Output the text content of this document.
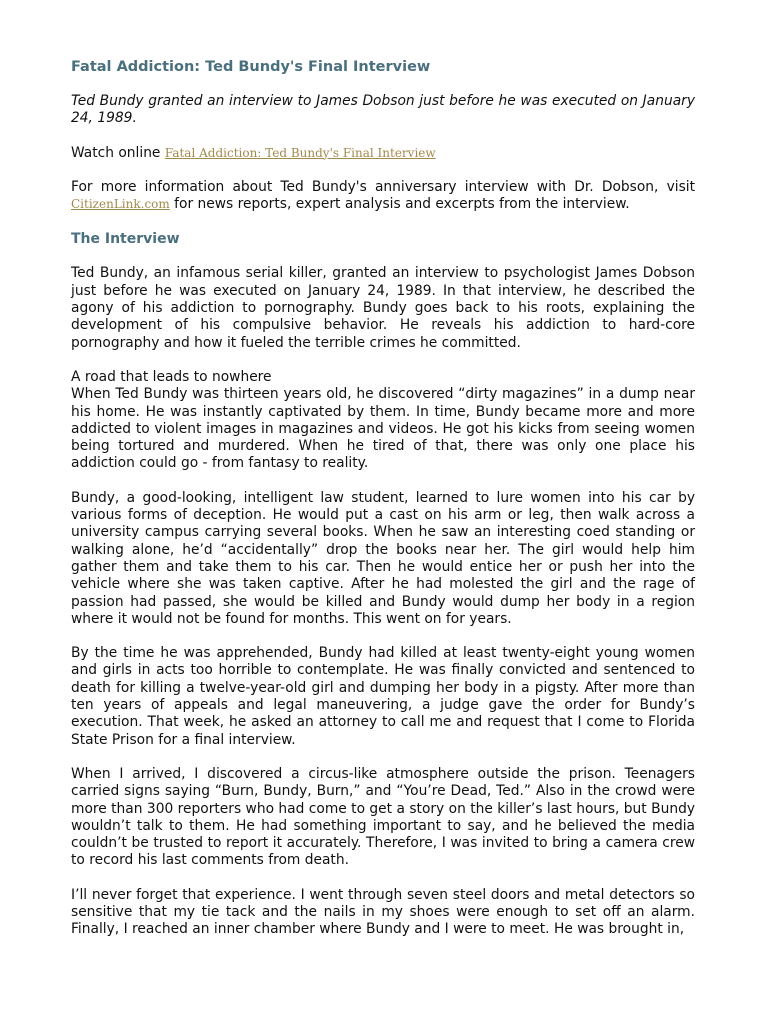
Fatal Addiction: Ted Bundy's Final Interview

Ted Bundy granted an interview to James Dobson just before he was executed on January 24, 1989.

Watch online Fatal Addiction: Ted Bundy's Final Interview

For more information about Ted Bundy's anniversary interview with Dr. Dobson, visit CitizenLink.com for news reports, expert analysis and excerpts from the interview.

The Interview

Ted Bundy, an infamous serial killer, granted an interview to psychologist James Dobson just before he was executed on January 24, 1989. In that interview, he described the agony of his addiction to pornography. Bundy goes back to his roots, explaining the development of his compulsive behavior. He reveals his addiction to hard-core pornography and how it fueled the terrible crimes he committed.

A road that leads to nowhere
When Ted Bundy was thirteen years old, he discovered “dirty magazines” in a dump near his home. He was instantly captivated by them. In time, Bundy became more and more addicted to violent images in magazines and videos. He got his kicks from seeing women being tortured and murdered. When he tired of that, there was only one place his addiction could go - from fantasy to reality.

Bundy, a good-looking, intelligent law student, learned to lure women into his car by various forms of deception. He would put a cast on his arm or leg, then walk across a university campus carrying several books. When he saw an interesting coed standing or walking alone, he’d “accidentally” drop the books near her. The girl would help him gather them and take them to his car. Then he would entice her or push her into the vehicle where she was taken captive. After he had molested the girl and the rage of passion had passed, she would be killed and Bundy would dump her body in a region where it would not be found for months. This went on for years.

By the time he was apprehended, Bundy had killed at least twenty-eight young women and girls in acts too horrible to contemplate. He was finally convicted and sentenced to death for killing a twelve-year-old girl and dumping her body in a pigsty. After more than ten years of appeals and legal maneuvering, a judge gave the order for Bundy’s execution. That week, he asked an attorney to call me and request that I come to Florida State Prison for a final interview.

When I arrived, I discovered a circus-like atmosphere outside the prison. Teenagers carried signs saying “Burn, Bundy, Burn,” and “You’re Dead, Ted.” Also in the crowd were more than 300 reporters who had come to get a story on the killer’s last hours, but Bundy wouldn’t talk to them. He had something important to say, and he believed the media couldn’t be trusted to report it accurately. Therefore, I was invited to bring a camera crew to record his last comments from death.

I’ll never forget that experience. I went through seven steel doors and metal detectors so sensitive that my tie tack and the nails in my shoes were enough to set off an alarm. Finally, I reached an inner chamber where Bundy and I were to meet. He was brought in,
